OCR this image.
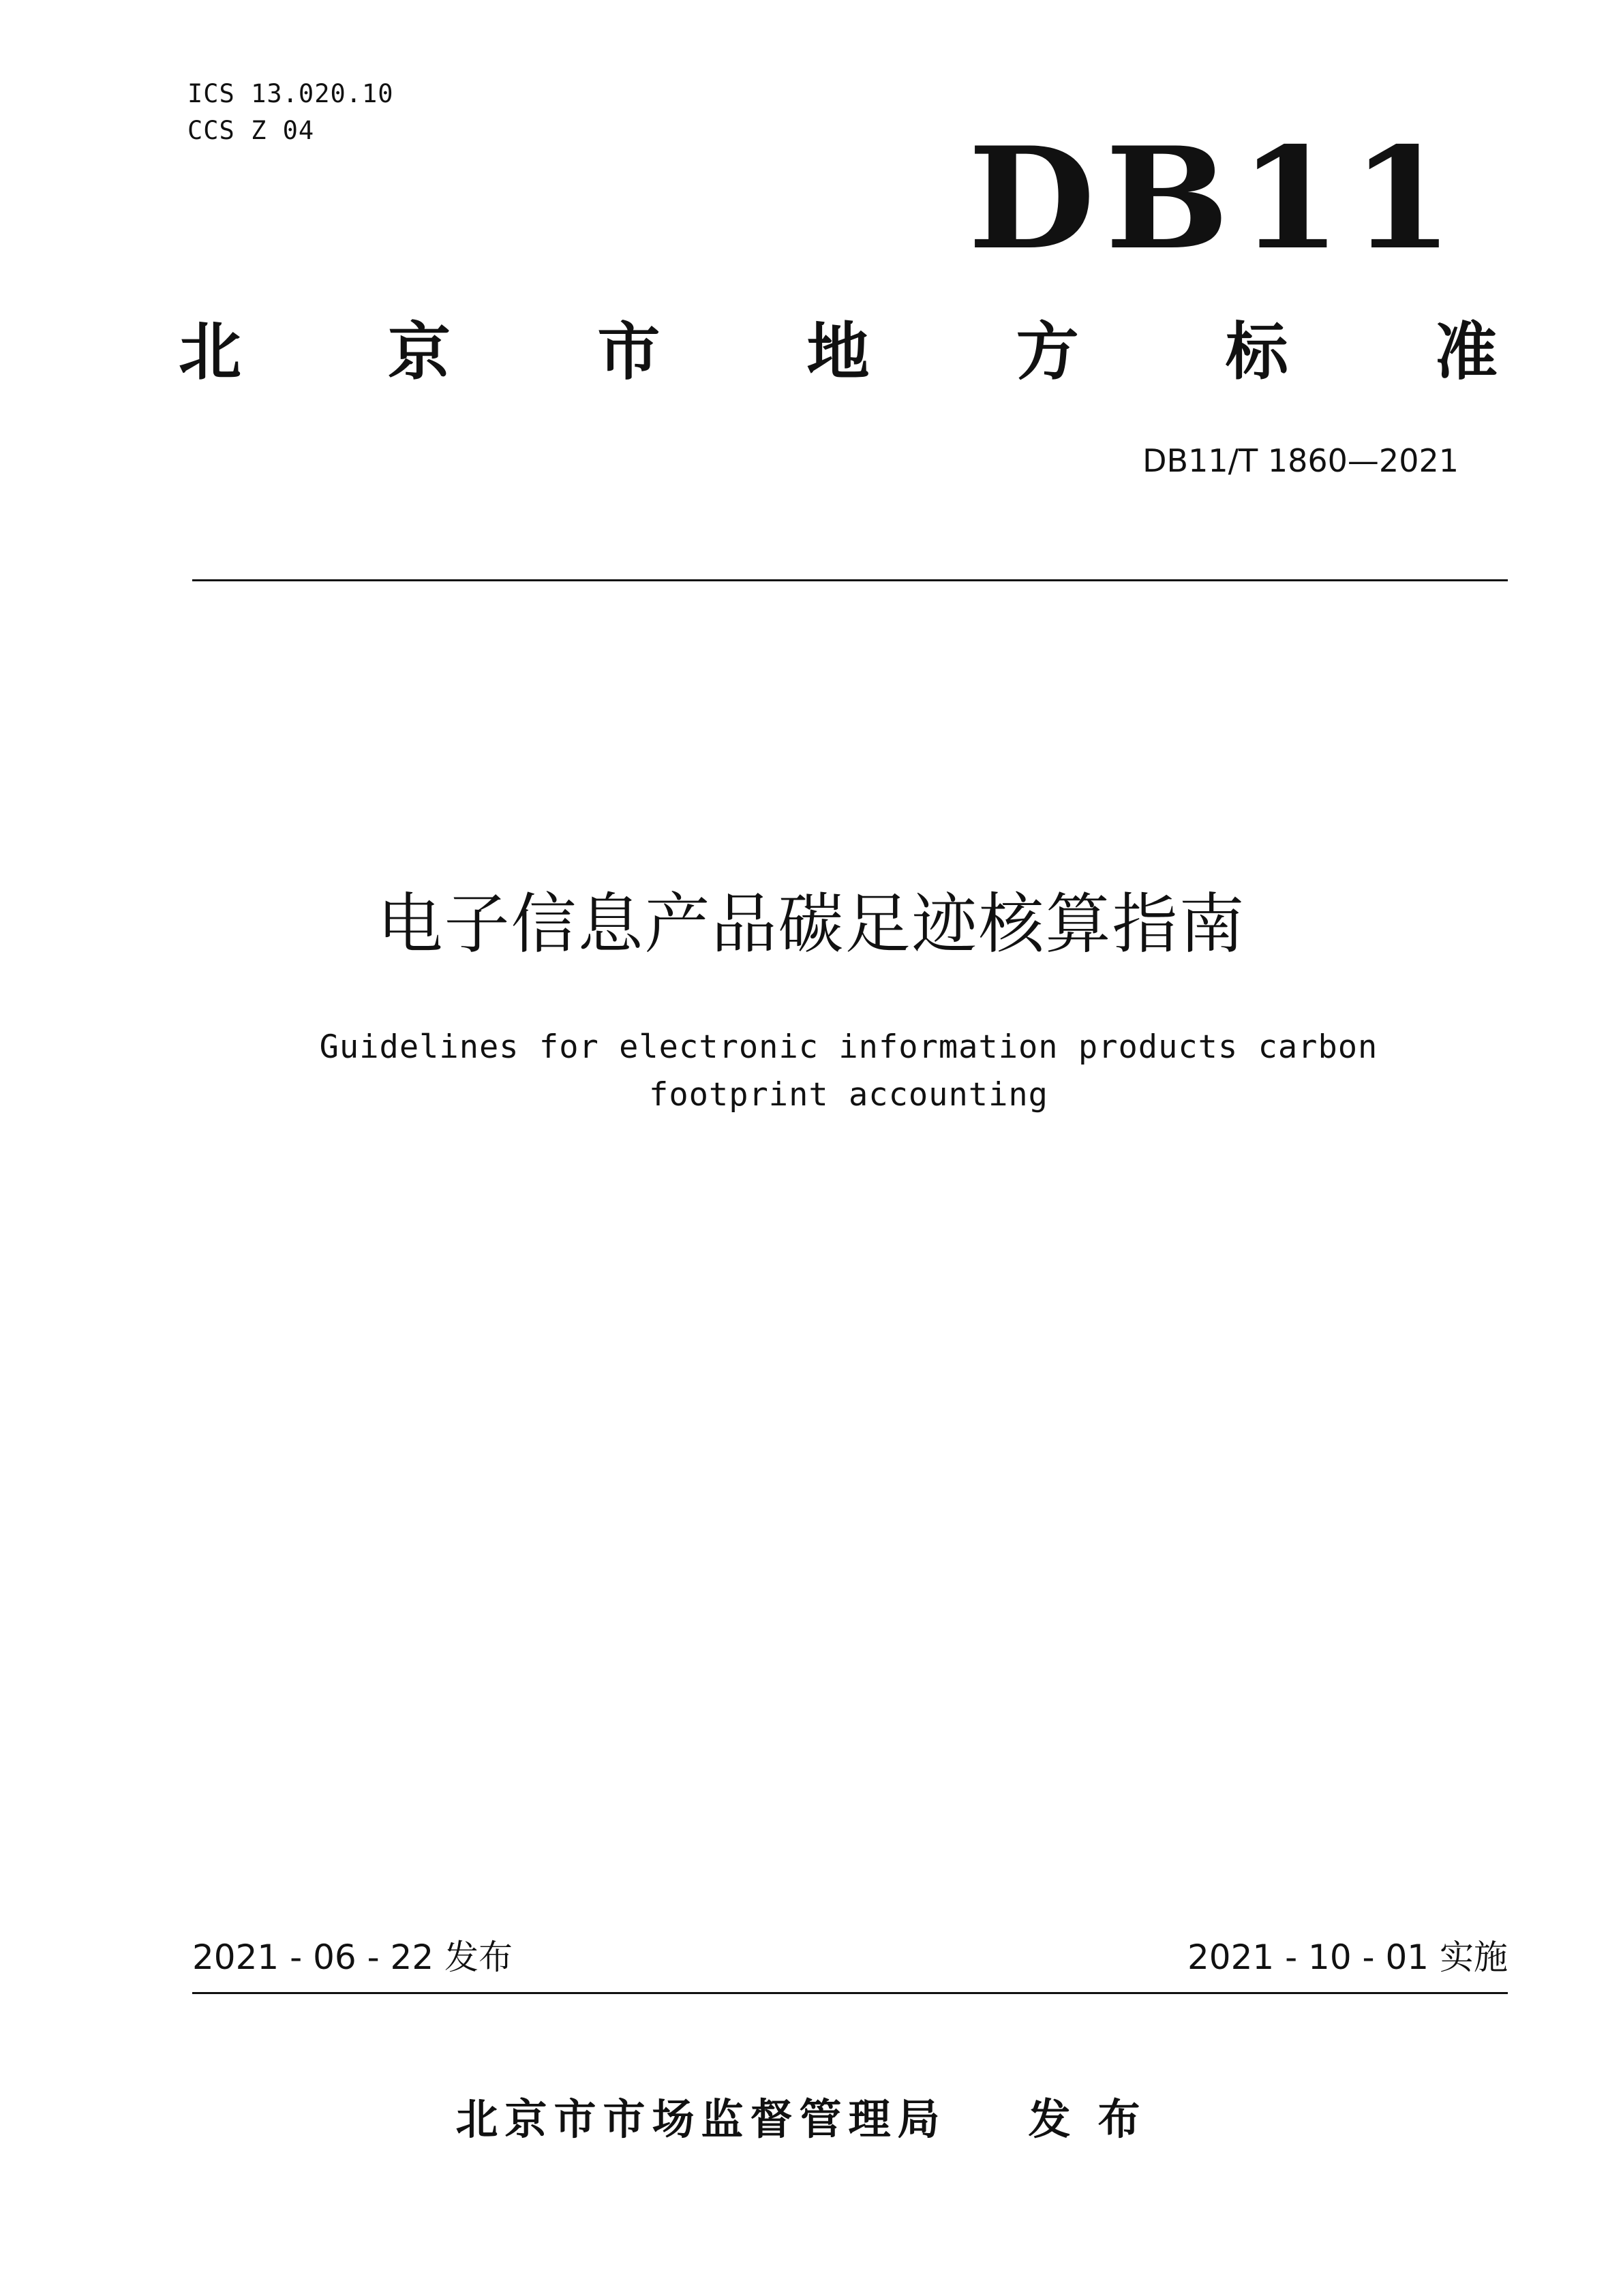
ICS 13.020.10
CCS Z 04	DB11
北 京 市 地 方 标 准
DB11/T 1860—2021
电子信息产品碳足迹核算指南
Guidelines for electronic information products carbon footprint accounting
2021 - 06 - 22 发布	2021 - 10 - 01 实施
北京市市场监督管理局 发布
